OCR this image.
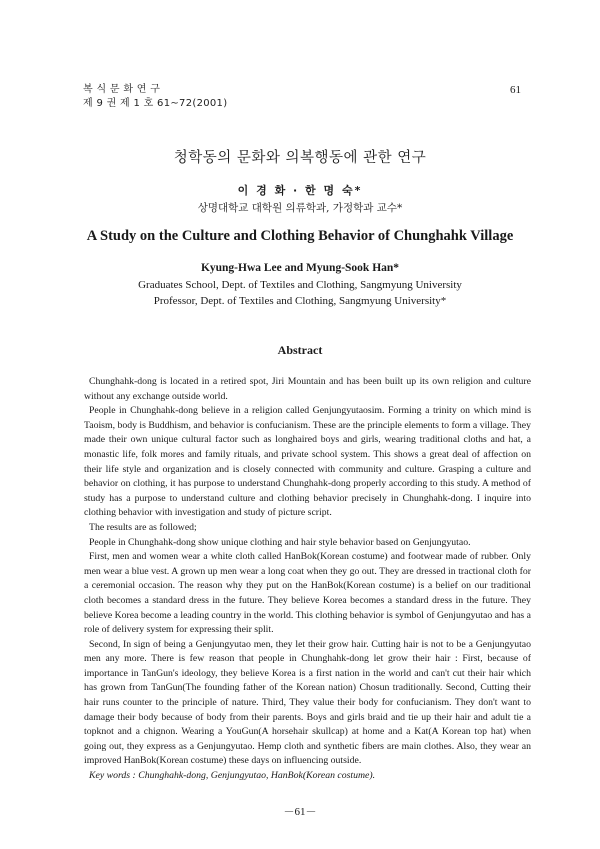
복 식 문 화 연 구
제 9 권 제 1 호 61∼72(2001)
61
청학동의 문화와 의복행동에 관한 연구
이 경 화 · 한 명 숙*
상명대학교 대학원 의류학과, 가정학과 교수*
A Study on the Culture and Clothing Behavior of Chunghahk Village
Kyung-Hwa Lee and Myung-Sook Han*
Graduates School, Dept. of Textiles and Clothing, Sangmyung University
Professor, Dept. of Textiles and Clothing, Sangmyung University*
Abstract

Chunghahk-dong is located in a retired spot, Jiri Mountain and has been built up its own religion and culture without any exchange outside world.

People in Chunghahk-dong believe in a religion called Genjungyutaosim. Forming a trinity on which mind is Taoism, body is Buddhism, and behavior is confucianism. These are the principle elements to form a village. They made their own unique cultural factor such as longhaired boys and girls, wearing traditional cloths and hat, a monastic life, folk mores and family rituals, and private school system. This shows a great deal of affection on their life style and organization and is closely connected with community and culture. Grasping a culture and behavior on clothing, it has purpose to understand Chunghahk-dong properly according to this study. A method of study has a purpose to understand culture and clothing behavior precisely in Chunghahk-dong. I inquire into clothing behavior with investigation and study of picture script.

The results are as followed;

People in Chunghahk-dong show unique clothing and hair style behavior based on Genjungyutao.

First, men and women wear a white cloth called HanBok(Korean costume) and footwear made of rubber. Only men wear a blue vest. A grown up men wear a long coat when they go out. They are dressed in tractional cloth for a ceremonial occasion. The reason why they put on the HanBok(Korean costume) is a belief on our traditional cloth becomes a standard dress in the future. They believe Korea becomes a standard dress in the future. They believe Korea become a leading country in the world. This clothing behavior is symbol of Genjungyutao and has a role of delivery system for expressing their split.

Second, In sign of being a Genjungyutao men, they let their grow hair. Cutting hair is not to be a Genjungyutao men any more. There is few reason that people in Chunghahk-dong let grow their hair : First, because of importance in TanGun's ideology, they believe Korea is a first nation in the world and can't cut their hair which has grown from TanGun(The founding father of the Korean nation) Chosun traditionally. Second, Cutting their hair runs counter to the principle of nature. Third, They value their body for confucianism. They don't want to damage their body because of body from their parents. Boys and girls braid and tie up their hair and adult tie a topknot and a chignon. Wearing a YouGun(A horsehair skullcap) at home and a Kat(A Korean top hat) when going out, they express as a Genjungyutao. Hemp cloth and synthetic fibers are main clothes. Also, they wear an improved HanBok(Korean costume) these days on influencing outside.

Key words : Chunghahk-dong, Genjungyutao, HanBok(Korean costume).

－61－
